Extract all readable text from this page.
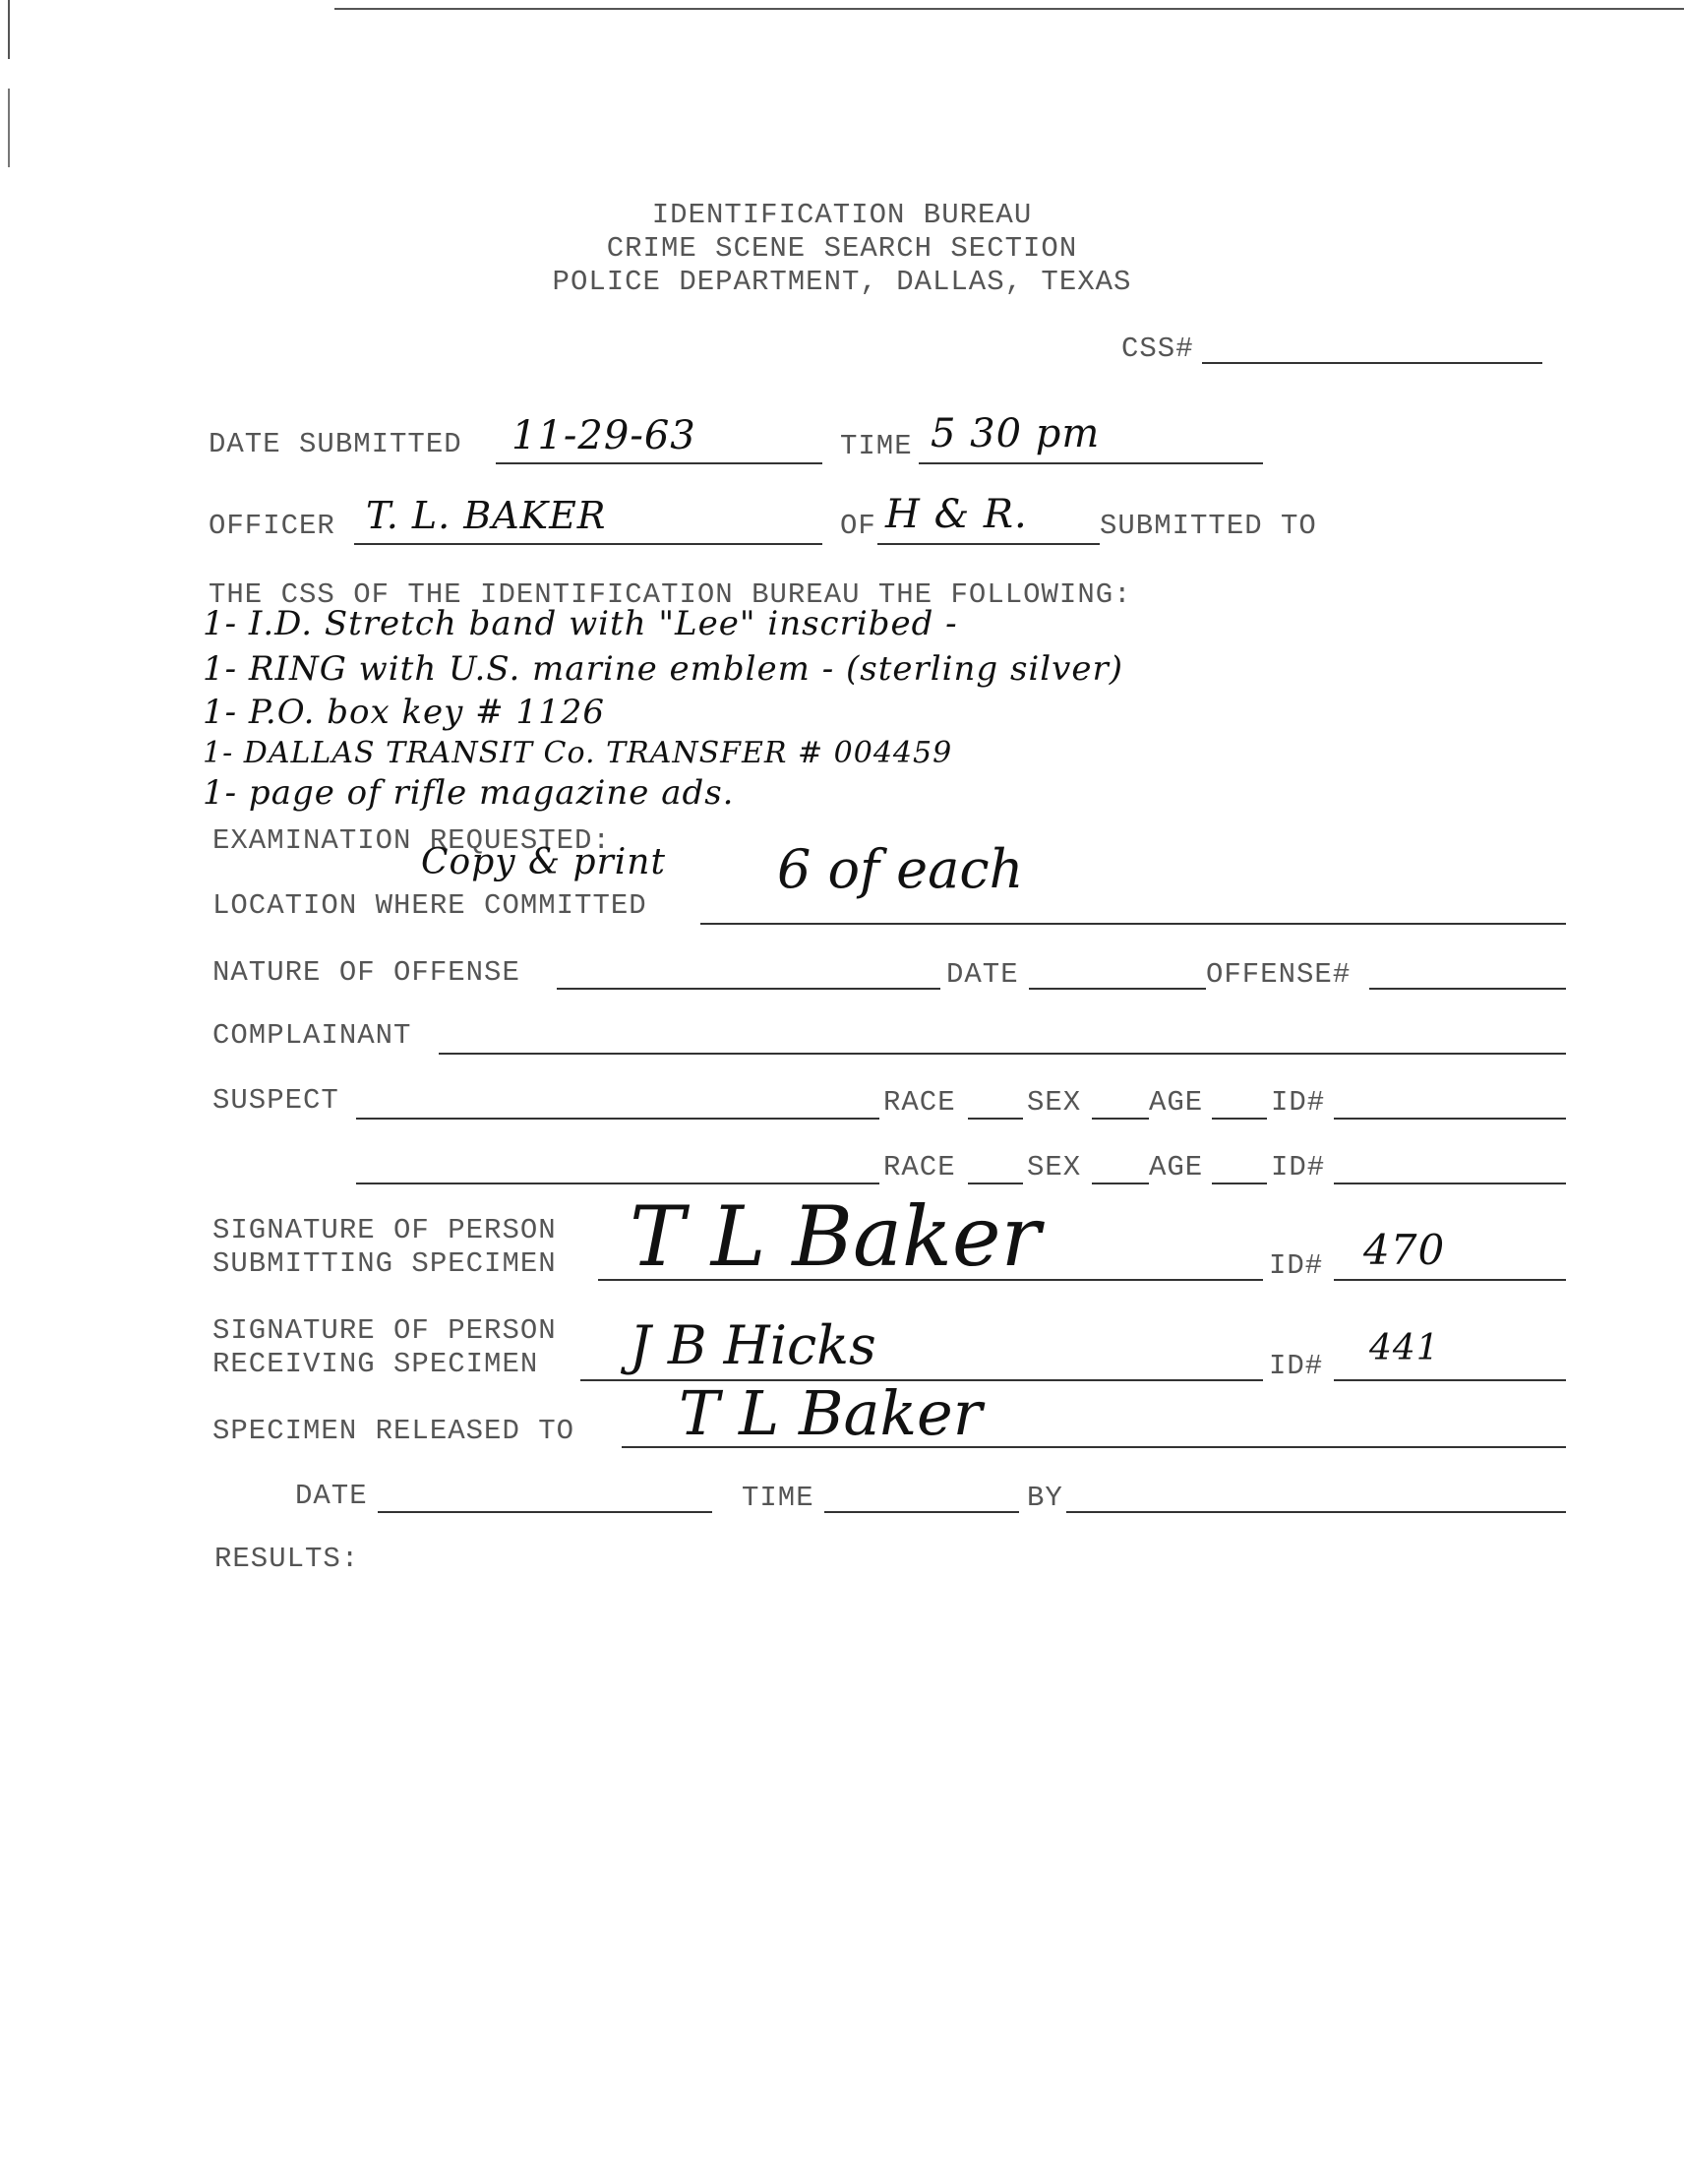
IDENTIFICATION BUREAU
CRIME SCENE SEARCH SECTION
POLICE DEPARTMENT, DALLAS, TEXAS
CSS#
DATE SUBMITTED 11-29-63	TIME 5 30 pm
OFFICER T. L. BAKER	OF H & R.	SUBMITTED TO
THE CSS OF THE IDENTIFICATION BUREAU THE FOLLOWING:
1- I.D. Stretch band with "Lee" inscribed -
1- RING with U.S. marine emblem - (sterling silver)
1- P.O. box key # 1126
1- DALLAS TRANSIT Co. TRANSFER # 004459
1- page of rifle magazine ads.
EXAMINATION REQUESTED:
Copy & print 6 of each
LOCATION WHERE COMMITTED
NATURE OF OFFENSE	DATE	OFFENSE#
COMPLAINANT
SUSPECT	RACE SEX AGE ID#
RACE SEX AGE ID#
SIGNATURE OF PERSON
SUBMITTING SPECIMEN T L Baker	ID# 470
SIGNATURE OF PERSON
RECEIVING SPECIMEN J B Hicks	ID# 441
SPECIMEN RELEASED TO T L Baker
DATE	TIME	BY
RESULTS:
